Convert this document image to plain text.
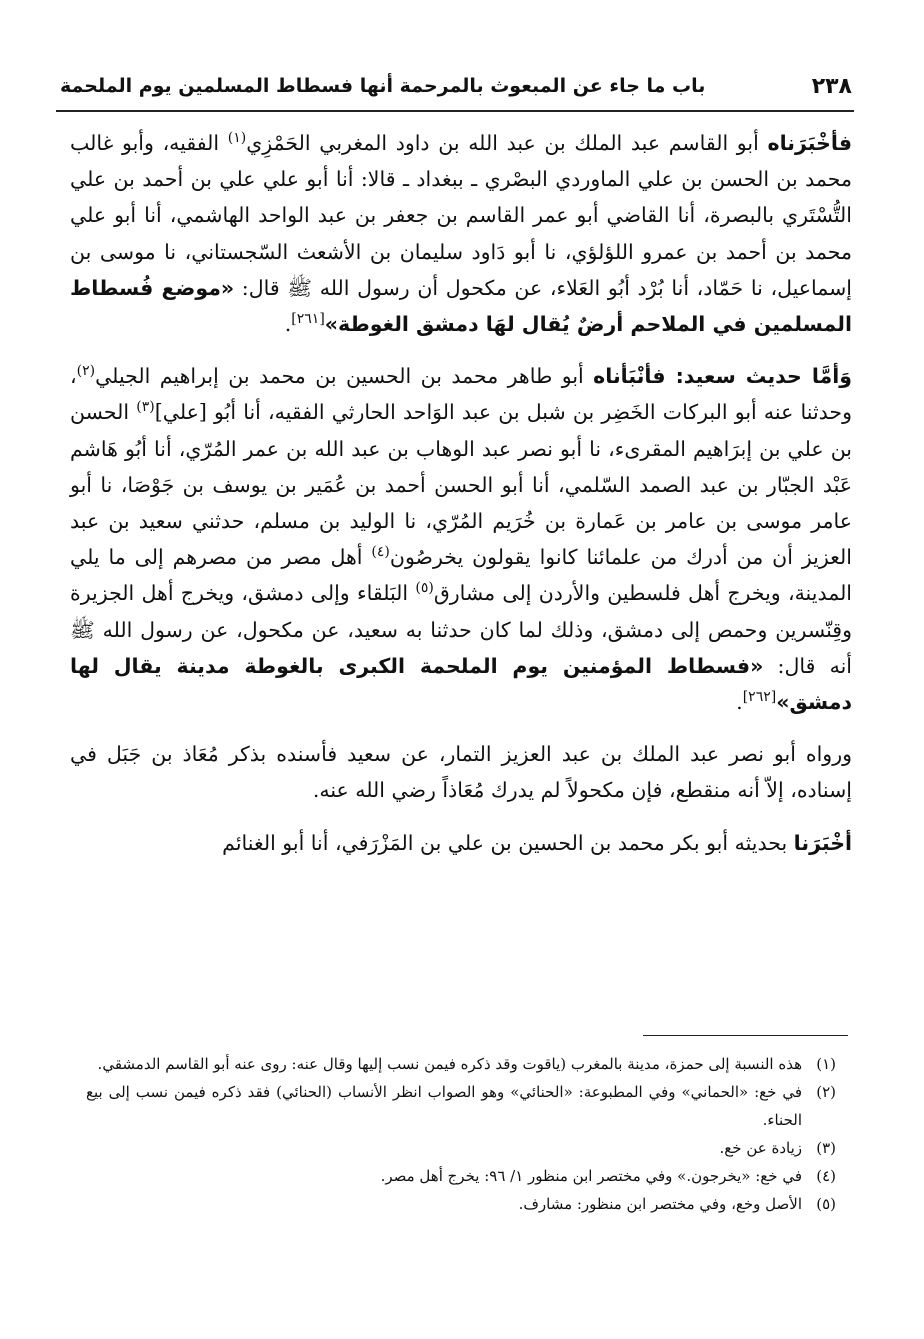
٢٣٨
باب ما جاء عن المبعوث بالمرحمة أنها فسطاط المسلمين يوم الملحمة

فأخْبَرَناه أبو القاسم عبد الملك بن عبد الله بن داود المغربي الحَمْزِي$^{(١)}$ الفقيه، وأبو غالب محمد بن الحسن بن علي الماوردي البصْري ـ ببغداد ـ قالا: أنا أبو علي علي بن أحمد بن علي التُّسْتَري بالبصرة، أنا القاضي أبو عمر القاسم بن جعفر بن عبد الواحد الهاشمي، أنا أبو علي محمد بن أحمد بن عمرو اللؤلؤي، نا أبو دَاود سليمان بن الأشعث السّجستاني، نا موسى بن إسماعيل، نا حَمّاد، أنا بُرْد أبُو العَلاء، عن مكحول أن رسول الله ﷺ قال: «موضع فُسطاط المسلمين في الملاحم أرضٌ يُقال لهَا دمشق الغوطة»[٢٦١].

وَأمَّا حديث سعيد: فأنْبَأناه أبو طاهر محمد بن الحسين بن محمد بن إبراهيم الجيلي$^{(٢)}$، وحدثنا عنه أبو البركات الخَضِر بن شبل بن عبد الوَاحد الحارثي الفقيه، أنا أبُو [علي]$^{(٣)}$ الحسن بن علي بن إبرَاهيم المقرىء، نا أبو نصر عبد الوهاب بن عبد الله بن عمر المُرّي، أنا أبُو هَاشم عَبْد الجبّار بن عبد الصمد السّلمي، أنا أبو الحسن أحمد بن عُمَير بن يوسف بن جَوْصَا، نا أبو عامر موسى بن عامر بن عَمارة بن خُرَيم المُرّي، نا الوليد بن مسلم، حدثني سعيد بن عبد العزيز أن من أدرك من علمائنا كانوا يقولون يخرصُون$^{(٤)}$ أهل مصر من مصرهم إلى ما يلي المدينة، ويخرج أهل فلسطين والأردن إلى مشارق$^{(٥)}$ البَلقاء وإلى دمشق، ويخرج أهل الجزيرة وقِنّسرين وحمص إلى دمشق، وذلك لما كان حدثنا به سعيد، عن مكحول، عن رسول الله ﷺ أنه قال: «فسطاط المؤمنين يوم الملحمة الكبرى بالغوطة مدينة يقال لها دمشق»[٢٦٢].

ورواه أبو نصر عبد الملك بن عبد العزيز التمار، عن سعيد فأسنده بذكر مُعَاذ بن جَبَل في إسناده، إلاّ أنه منقطع، فإن مكحولاً لم يدرك مُعَاذاً رضي الله عنه.

أخْبَرَنا بحديثه أبو بكر محمد بن الحسين بن علي بن المَزْرَفي، أنا أبو الغنائم

(١)
هذه النسبة إلى حمزة، مدينة بالمغرب (ياقوت وقد ذكره فيمن نسب إليها وقال عنه: روى عنه أبو القاسم الدمشقي.
(٢)
في خ‍ع: «الحماني» وفي المطبوعة: «الحنائي» وهو الصواب انظر الأنساب (الحنائي) فقد ذكره فيمن نسب إلى بيع الحناء.
(٣)
زيادة عن خ‍ع.
(٤)
في خ‍ع: «يخرجون.» وفي مختصر ابن منظور ١/ ٩٦: يخرج أهل مصر.
(٥)
الأصل وخ‍ع، وفي مختصر ابن منظور: مشارف.
